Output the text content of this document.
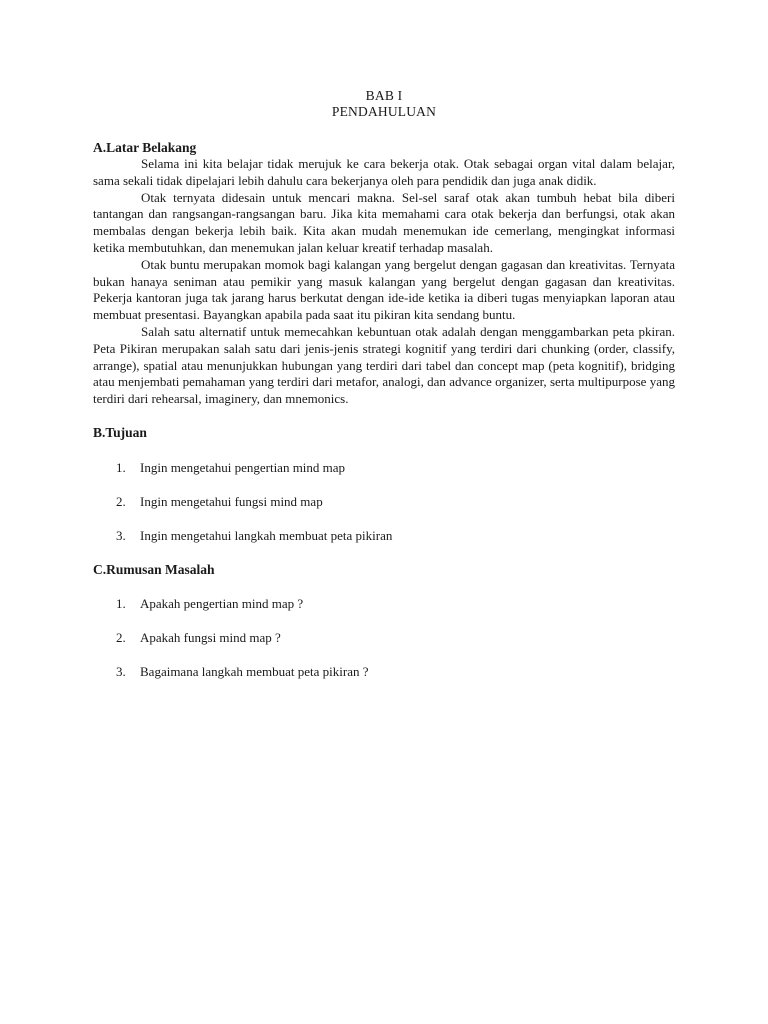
BAB I
PENDAHULUAN
A.Latar Belakang

Selama ini kita belajar tidak merujuk ke cara bekerja otak. Otak sebagai organ vital dalam belajar, sama sekali tidak dipelajari lebih dahulu cara bekerjanya oleh para pendidik dan juga anak didik.

Otak ternyata didesain untuk mencari makna. Sel-sel saraf otak akan tumbuh hebat bila diberi tantangan dan rangsangan-rangsangan baru. Jika kita memahami cara otak bekerja dan berfungsi, otak akan membalas dengan bekerja lebih baik. Kita akan mudah menemukan ide cemerlang, mengingkat informasi ketika membutuhkan, dan menemukan jalan keluar kreatif terhadap masalah.

Otak buntu merupakan momok bagi kalangan yang bergelut dengan gagasan dan kreativitas. Ternyata bukan hanaya seniman atau pemikir yang masuk kalangan yang bergelut dengan gagasan dan kreativitas. Pekerja kantoran juga tak jarang harus berkutat dengan ide-ide ketika ia diberi tugas menyiapkan laporan atau membuat presentasi. Bayangkan apabila pada saat itu pikiran kita sendang buntu.

Salah satu alternatif untuk memecahkan kebuntuan otak adalah dengan menggambarkan peta pkiran. Peta Pikiran merupakan salah satu dari jenis-jenis strategi kognitif yang terdiri dari chunking (order, classify, arrange), spatial atau menunjukkan hubungan yang terdiri dari tabel dan concept map (peta kognitif), bridging atau menjembati pemahaman yang terdiri dari metafor, analogi, dan advance organizer, serta multipurpose yang terdiri dari rehearsal, imaginery, dan mnemonics.

B.Tujuan
1. Ingin mengetahui pengertian mind map
2. Ingin mengetahui fungsi mind map
3. Ingin mengetahui langkah membuat peta pikiran
C.Rumusan Masalah
1. Apakah pengertian mind map ?
2. Apakah fungsi mind map ?
3. Bagaimana langkah membuat peta pikiran ?
